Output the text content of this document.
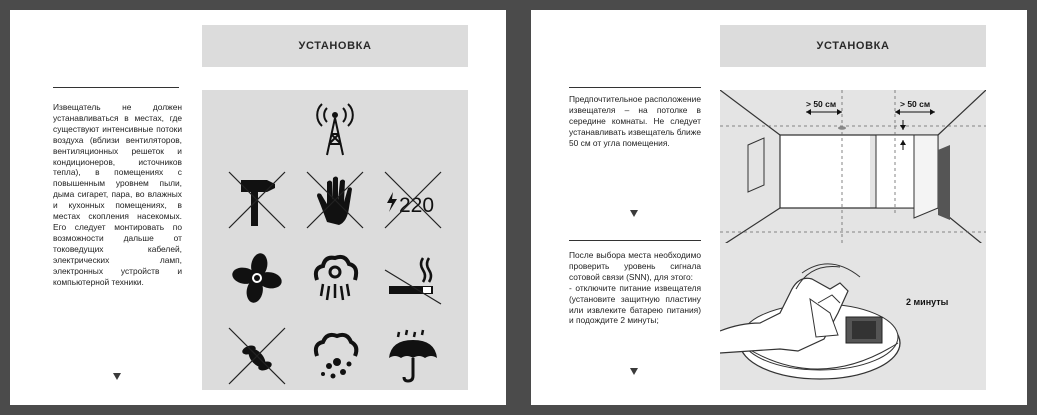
УСТАНОВКА
Извещатель не должен устанавливаться в местах, где существуют интенсивные потоки воздуха (вблизи вентиляторов, вентиляционных решеток и кондиционеров, источников тепла), в помещениях с повышенным уровнем пыли, дыма сигарет, пара, во влажных и кухонных помещениях, в местах скопления насекомых. Его следует монтировать по возможности дальше от токоведущих кабелей, электрических ламп, электронных устройств и компьютерной техники.
220
УСТАНОВКА
Предпочтительное расположение извещателя – на потолке в середине комнаты. Не следует устанавливать извещатель ближе 50 см от угла помещения.
После выбора места необходимо проверить уровень сигнала сотовой связи (SNN), для этого:
- отключите питание извещателя (установите защитную пластину или извлеките батарею питания) и подождите 2 минуты;
> 50 см	> 50 см
2 минуты
